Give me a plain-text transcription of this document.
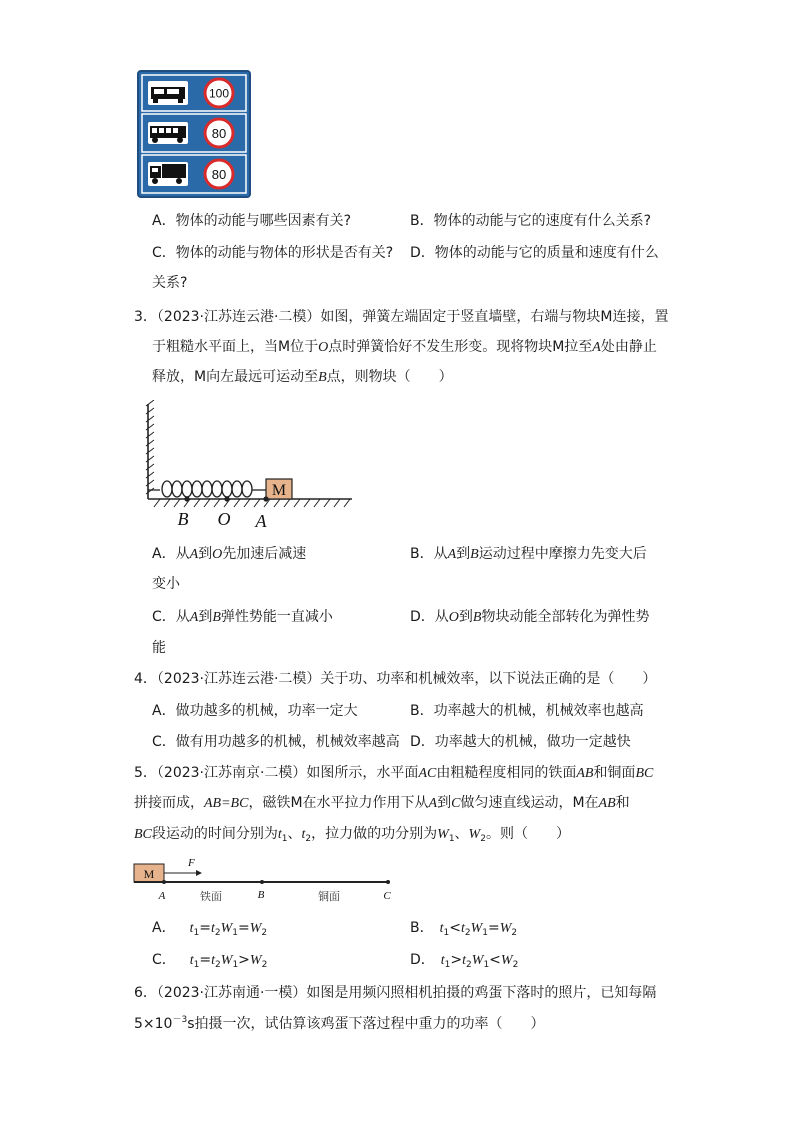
100
80
80
A．物体的动能与哪些因素有关?	B．物体的动能与它的速度有什么关系?
C．物体的动能与物体的形状是否有关? D．物体的动能与它的质量和速度有什么
关系?
3．（2023·江苏连云港·二模）如图，弹簧左端固定于竖直墙壁，右端与物块M连接，置
于粗糙水平面上，当M位于O点时弹簧恰好不发生形变。现将物块M拉至A处由静止
释放，M向左最远可运动至B点，则物块（　　）
M
B O A
A．从A到O先加速后减速	B．从A到B运动过程中摩擦力先变大后
变小
C．从A到B弹性势能一直减小	D．从O到B物块动能全部转化为弹性势
能
4．（2023·江苏连云港·二模）关于功、功率和机械效率，以下说法正确的是（　　）
A．做功越多的机械，功率一定大	B．功率越大的机械，机械效率也越高
C．做有用功越多的机械，机械效率越高 D．功率越大的机械，做功一定越快
5．（2023·江苏南京·二模）如图所示，水平面AC由粗糙程度相同的铁面AB和铜面BC
拼接而成，AB=BC，磁铁M在水平拉力作用下从A到C做匀速直线运动，M在AB和
BC段运动的时间分别为$t_1$、$t_2$，拉力做的功分别为$W_1$、$W_2$。则（　　）
M
F
A	铁面	B	铜面	C
A． $t_1=t_2W_1=W_2$	B． $t_1<t_2W_1=W_2$
C． $t_1=t_2W_1>W_2$	D． $t_1>t_2W_1<W_2$
6．（2023·江苏南通·一模）如图是用频闪照相机拍摄的鸡蛋下落时的照片，已知每隔
$5\times 10^{-3}s$拍摄一次，试估算该鸡蛋下落过程中重力的功率（　　）
